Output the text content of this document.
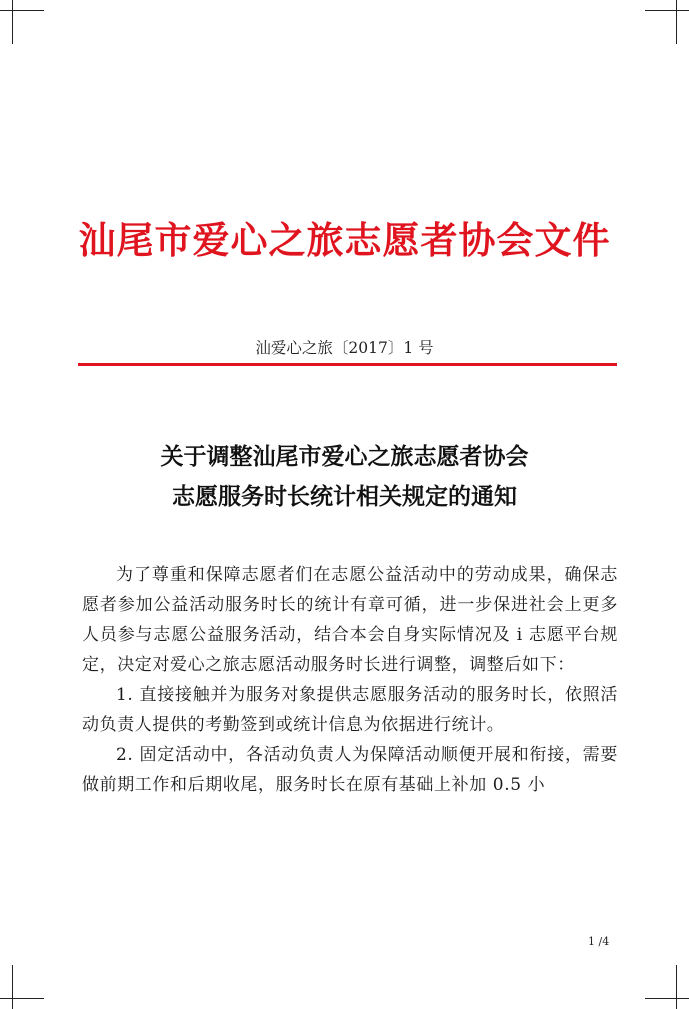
汕尾市爱心之旅志愿者协会文件
汕爱心之旅〔2017〕1 号
关于调整汕尾市爱心之旅志愿者协会
志愿服务时长统计相关规定的通知

为了尊重和保障志愿者们在志愿公益活动中的劳动成果，确保志愿者参加公益活动服务时长的统计有章可循，进一步保进社会上更多人员参与志愿公益服务活动，结合本会自身实际情况及 i 志愿平台规定，决定对爱心之旅志愿活动服务时长进行调整，调整后如下：

1. 直接接触并为服务对象提供志愿服务活动的服务时长，依照活动负责人提供的考勤签到或统计信息为依据进行统计。

2. 固定活动中，各活动负责人为保障活动顺便开展和衔接，需要做前期工作和后期收尾，服务时长在原有基础上补加 0.5 小

1 /4
